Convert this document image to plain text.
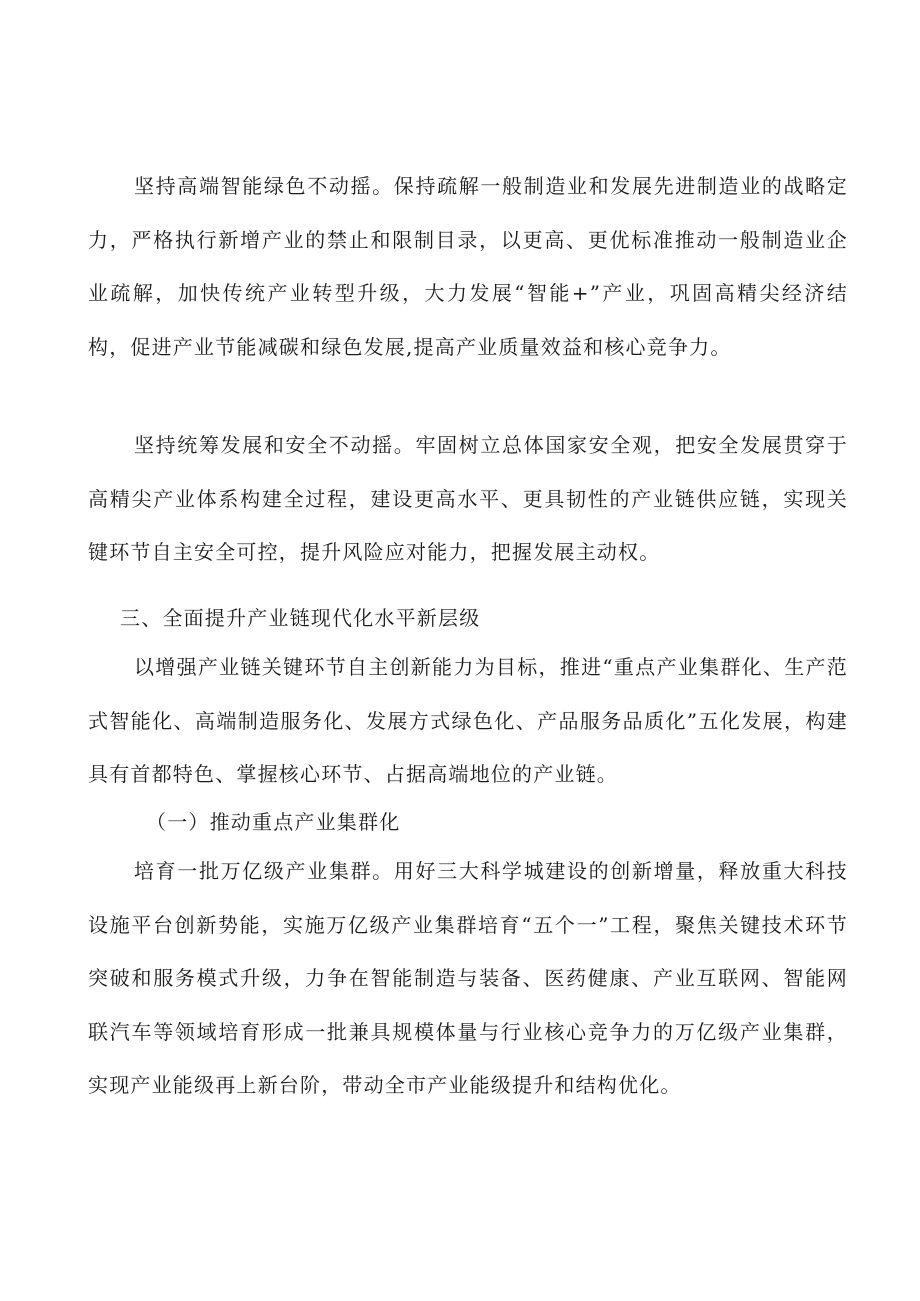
坚持高端智能绿色不动摇。保持疏解一般制造业和发展先进制造业的战略定力，严格执行新增产业的禁止和限制目录，以更高、更优标准推动一般制造业企业疏解，加快传统产业转型升级，大力发展“智能+”产业，巩固高精尖经济结构，促进产业节能减碳和绿色发展,提高产业质量效益和核心竞争力。

坚持统筹发展和安全不动摇。牢固树立总体国家安全观，把安全发展贯穿于高精尖产业体系构建全过程，建设更高水平、更具韧性的产业链供应链，实现关键环节自主安全可控，提升风险应对能力，把握发展主动权。

三、全面提升产业链现代化水平新层级

以增强产业链关键环节自主创新能力为目标，推进“重点产业集群化、生产范式智能化、高端制造服务化、发展方式绿色化、产品服务品质化”五化发展，构建具有首都特色、掌握核心环节、占据高端地位的产业链。

（一）推动重点产业集群化

培育一批万亿级产业集群。用好三大科学城建设的创新增量，释放重大科技设施平台创新势能，实施万亿级产业集群培育“五个一”工程，聚焦关键技术环节突破和服务模式升级，力争在智能制造与装备、医药健康、产业互联网、智能网联汽车等领域培育形成一批兼具规模体量与行业核心竞争力的万亿级产业集群，实现产业能级再上新台阶，带动全市产业能级提升和结构优化。
